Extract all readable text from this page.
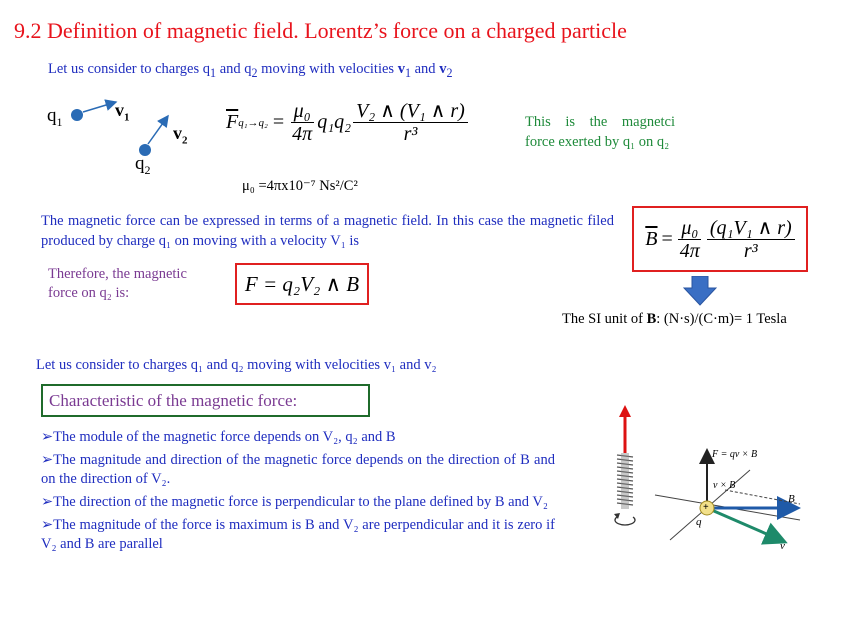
9.2 Definition of magnetic field. Lorentz’s force on a charged particle
Let us consider to charges $q_1$ and $q_2$ moving with velocities $v_1$ and $v_2$
$q_1$
$v_1$
$v_2$
$q_2$
$\overline{F}$ $q_1\to q_2 = \frac{\text{μ₀}}{4\pi} q_1q_2 \frac{\text{V₂ ∧ (V₁ ∧ r)}}{\text{r³}}$
μ₀ =4πx10⁻⁷ Ns²/C²
This is the magnetci force exerted by q₁ on q₂
The magnetic force can be expressed in terms of a magnetic field. In this case the magnetic filed produced by charge q₁ on moving with a velocity V₁ is	$\overline{B} = \frac{\text{μ₀}}{4\pi} \frac{\text{(q₁V₁ ∧ r)}}{\text{r³}}$
Therefore, the magnetic force on q₂ is:	F = q₂V₂ ∧ B
The SI unit of B: (N·s)/(C·m)= 1 Tesla
Let us consider to charges q₁ and q₂ moving with velocities v₁ and v₂
Characteristic of the magnetic force:
➢The module of the magnetic force depends on V₂, q₂ and B
➢The magnitude and direction of the magnetic force depends on the direction of B and on the direction of V₂.
➢The direction of the magnetic force is perpendicular to the plane defined by B and V₂
➢The magnitude of the force is maximum is B and V₂ are perpendicular and it is zero if V₂ and B are parallel
+
F = qv × B
v × B
B
v
q
